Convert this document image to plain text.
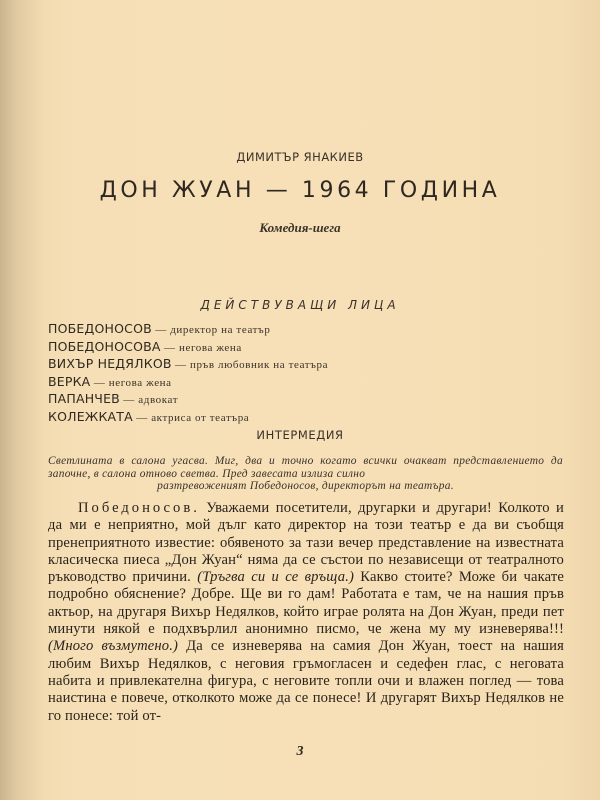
ДИМИТЪР ЯНАКИЕВ
ДОН ЖУАН — 1964 ГОДИНА
Комедия-шега
ДЕЙСТВУВАЩИ ЛИЦА
ПОБЕДОНОСОВ — директор на театър
ПОБЕДОНОСОВА — негова жена
ВИХЪР НЕДЯЛКОВ — пръв любовник на театъра
ВЕРКА — негова жена
ПАПАНЧЕВ — адвокат
КОЛЕЖКАТА — актриса от театъра
ИНТЕРМЕДИЯ
Светлината в салона угасва. Миг, два и точно когато всички очакват представлението да започне, в салона отново светва. Пред завесата излиза силно
разтревоженият Победоносов, директорът на театъра.

Победоносов. Уважаеми посетители, другарки и другари! Колкото и да ми е неприятно, мой дълг като директор на този театър е да ви съобщя пренеприятното известие: обявеното за тази вечер представление на известната класическа пиеса „Дон Жуан“ няма да се състои по независещи от театралното ръководство причини. (Тръгва си и се връща.) Какво стоите? Може би чакате подробно обяснение? Добре. Ще ви го дам! Работата е там, че на нашия пръв актьор, на другаря Вихър Недялков, който играе ролята на Дон Жуан, преди пет минути някой е подхвърлил анонимно писмо, че жена му му изневерява!!! (Много възмутено.) Да се изневерява на самия Дон Жуан, тоест на нашия любим Вихър Недялков, с неговия гръмогласен и седефен глас, с неговата набита и привлекателна фигура, с неговите топли очи и влажен поглед — това наистина е повече, отколкото може да се понесе! И другарят Вихър Недялков не го понесе: той от-

3
